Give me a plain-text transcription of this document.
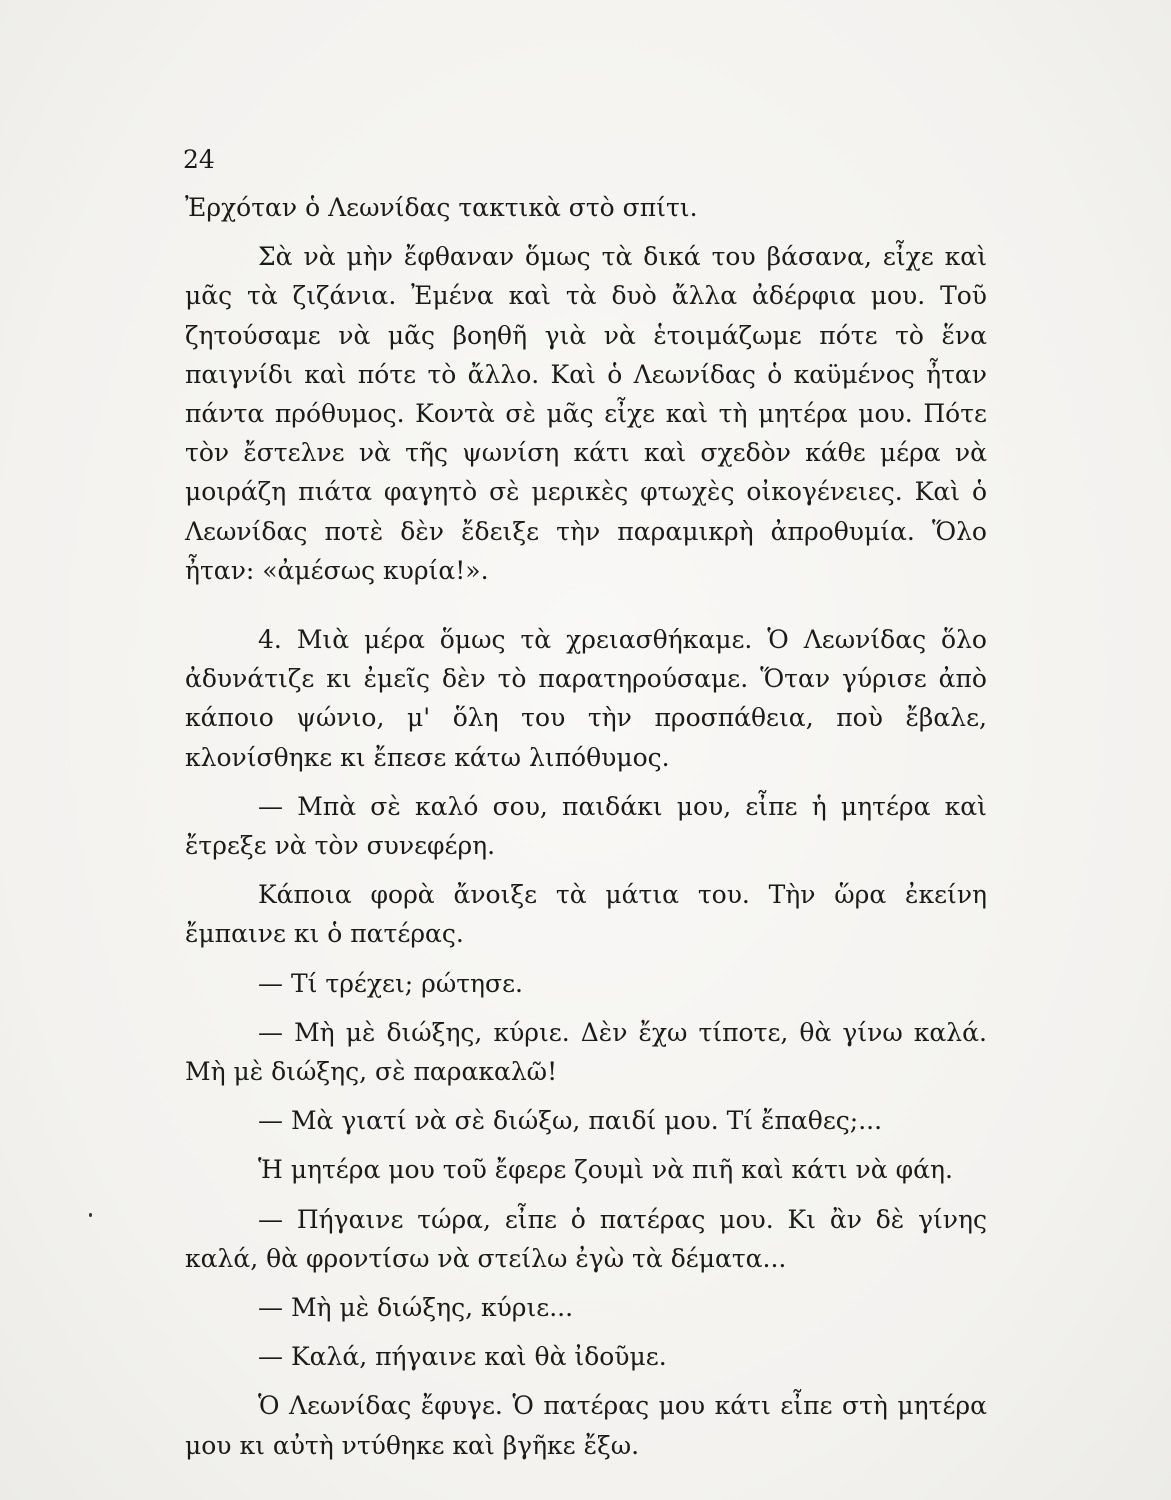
24

Ἐρχόταν ὁ Λεωνίδας τακτικὰ στὸ σπίτι.

Σὰ νὰ μὴν ἔφθαναν ὅμως τὰ δικά του βάσανα, εἶχε καὶ μᾶς τὰ ζιζάνια. Ἐμένα καὶ τὰ δυὸ ἄλλα ἀδέρφια μου. Τοῦ ζητούσαμε νὰ μᾶς βοηθῆ γιὰ νὰ ἑτοιμάζωμε πότε τὸ ἕνα παιγνίδι καὶ πότε τὸ ἄλλο. Καὶ ὁ Λεωνίδας ὁ καϋμένος ἦταν πάντα πρόθυμος. Κοντὰ σὲ μᾶς εἶχε καὶ τὴ μητέρα μου. Πότε τὸν ἔστελνε νὰ τῆς ψωνίση κάτι καὶ σχεδὸν κάθε μέρα νὰ μοιράζη πιάτα φαγητὸ σὲ μερικὲς φτωχὲς οἰκογένειες. Καὶ ὁ Λεωνίδας ποτὲ δὲν ἔδειξε τὴν παραμικρὴ ἀπροθυμία. Ὅλο ἦταν: «ἀμέσως κυρία!».

4. Μιὰ μέρα ὅμως τὰ χρειασθήκαμε. Ὁ Λεωνίδας ὅλο ἀδυνάτιζε κι ἐμεῖς δὲν τὸ παρατηρούσαμε. Ὅταν γύρισε ἀπὸ κάποιο ψώνιο, μ' ὅλη του τὴν προσπάθεια, ποὺ ἔβαλε, κλονίσθηκε κι ἔπεσε κάτω λιπόθυμος.

— Μπὰ σὲ καλό σου, παιδάκι μου, εἶπε ἡ μητέρα καὶ ἔτρεξε νὰ τὸν συνεφέρη.

Κάποια φορὰ ἄνοιξε τὰ μάτια του. Τὴν ὥρα ἐκείνη ἔμπαινε κι ὁ πατέρας.

— Τί τρέχει; ρώτησε.

— Μὴ μὲ διώξης, κύριε. Δὲν ἔχω τίποτε, θὰ γίνω καλά. Μὴ μὲ διώξης, σὲ παρακαλῶ!

— Μὰ γιατί νὰ σὲ διώξω, παιδί μου. Τί ἔπαθες;...

Ἡ μητέρα μου τοῦ ἔφερε ζουμὶ νὰ πιῆ καὶ κάτι νὰ φάη.

— Πήγαινε τώρα, εἶπε ὁ πατέρας μου. Κι ἂν δὲ γίνης καλά, θὰ φροντίσω νὰ στείλω ἐγὼ τὰ δέματα...

— Μὴ μὲ διώξης, κύριε...

— Καλά, πήγαινε καὶ θὰ ἰδοῦμε.

Ὁ Λεωνίδας ἔφυγε. Ὁ πατέρας μου κάτι εἶπε στὴ μητέρα μου κι αὐτὴ ντύθηκε καὶ βγῆκε ἔξω.
